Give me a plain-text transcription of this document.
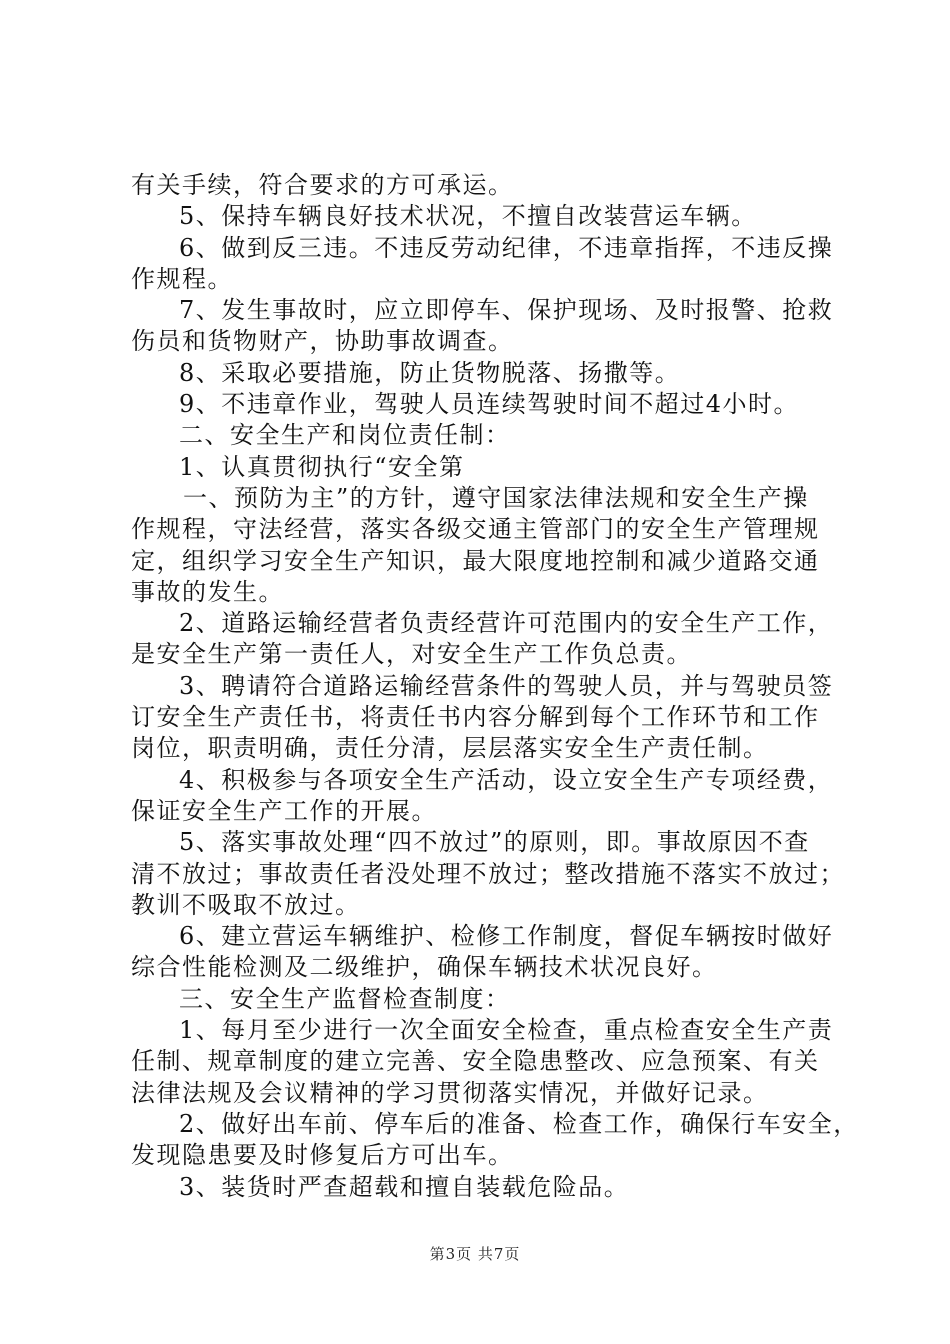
有关手续，符合要求的方可承运。
5、保持车辆良好技术状况，不擅自改装营运车辆。
6、做到反三违。不违反劳动纪律，不违章指挥，不违反操
作规程。
7、发生事故时，应立即停车、保护现场、及时报警、抢救
伤员和货物财产，协助事故调查。
8、采取必要措施，防止货物脱落、扬撒等。
9、不违章作业，驾驶人员连续驾驶时间不超过4小时。
二、安全生产和岗位责任制：
1、认真贯彻执行“安全第
一、预防为主”的方针，遵守国家法律法规和安全生产操
作规程，守法经营，落实各级交通主管部门的安全生产管理规
定，组织学习安全生产知识，最大限度地控制和减少道路交通
事故的发生。
2、道路运输经营者负责经营许可范围内的安全生产工作，
是安全生产第一责任人，对安全生产工作负总责。
3、聘请符合道路运输经营条件的驾驶人员，并与驾驶员签
订安全生产责任书，将责任书内容分解到每个工作环节和工作
岗位，职责明确，责任分清，层层落实安全生产责任制。
4、积极参与各项安全生产活动，设立安全生产专项经费，
保证安全生产工作的开展。
5、落实事故处理“四不放过”的原则，即。事故原因不查
清不放过；事故责任者没处理不放过；整改措施不落实不放过；
教训不吸取不放过。
6、建立营运车辆维护、检修工作制度，督促车辆按时做好
综合性能检测及二级维护，确保车辆技术状况良好。
三、安全生产监督检查制度：
1、每月至少进行一次全面安全检查，重点检查安全生产责
任制、规章制度的建立完善、安全隐患整改、应急预案、有关
法律法规及会议精神的学习贯彻落实情况，并做好记录。
2、做好出车前、停车后的准备、检查工作，确保行车安全，
发现隐患要及时修复后方可出车。
3、装货时严查超载和擅自装载危险品。
第3页 共7页
